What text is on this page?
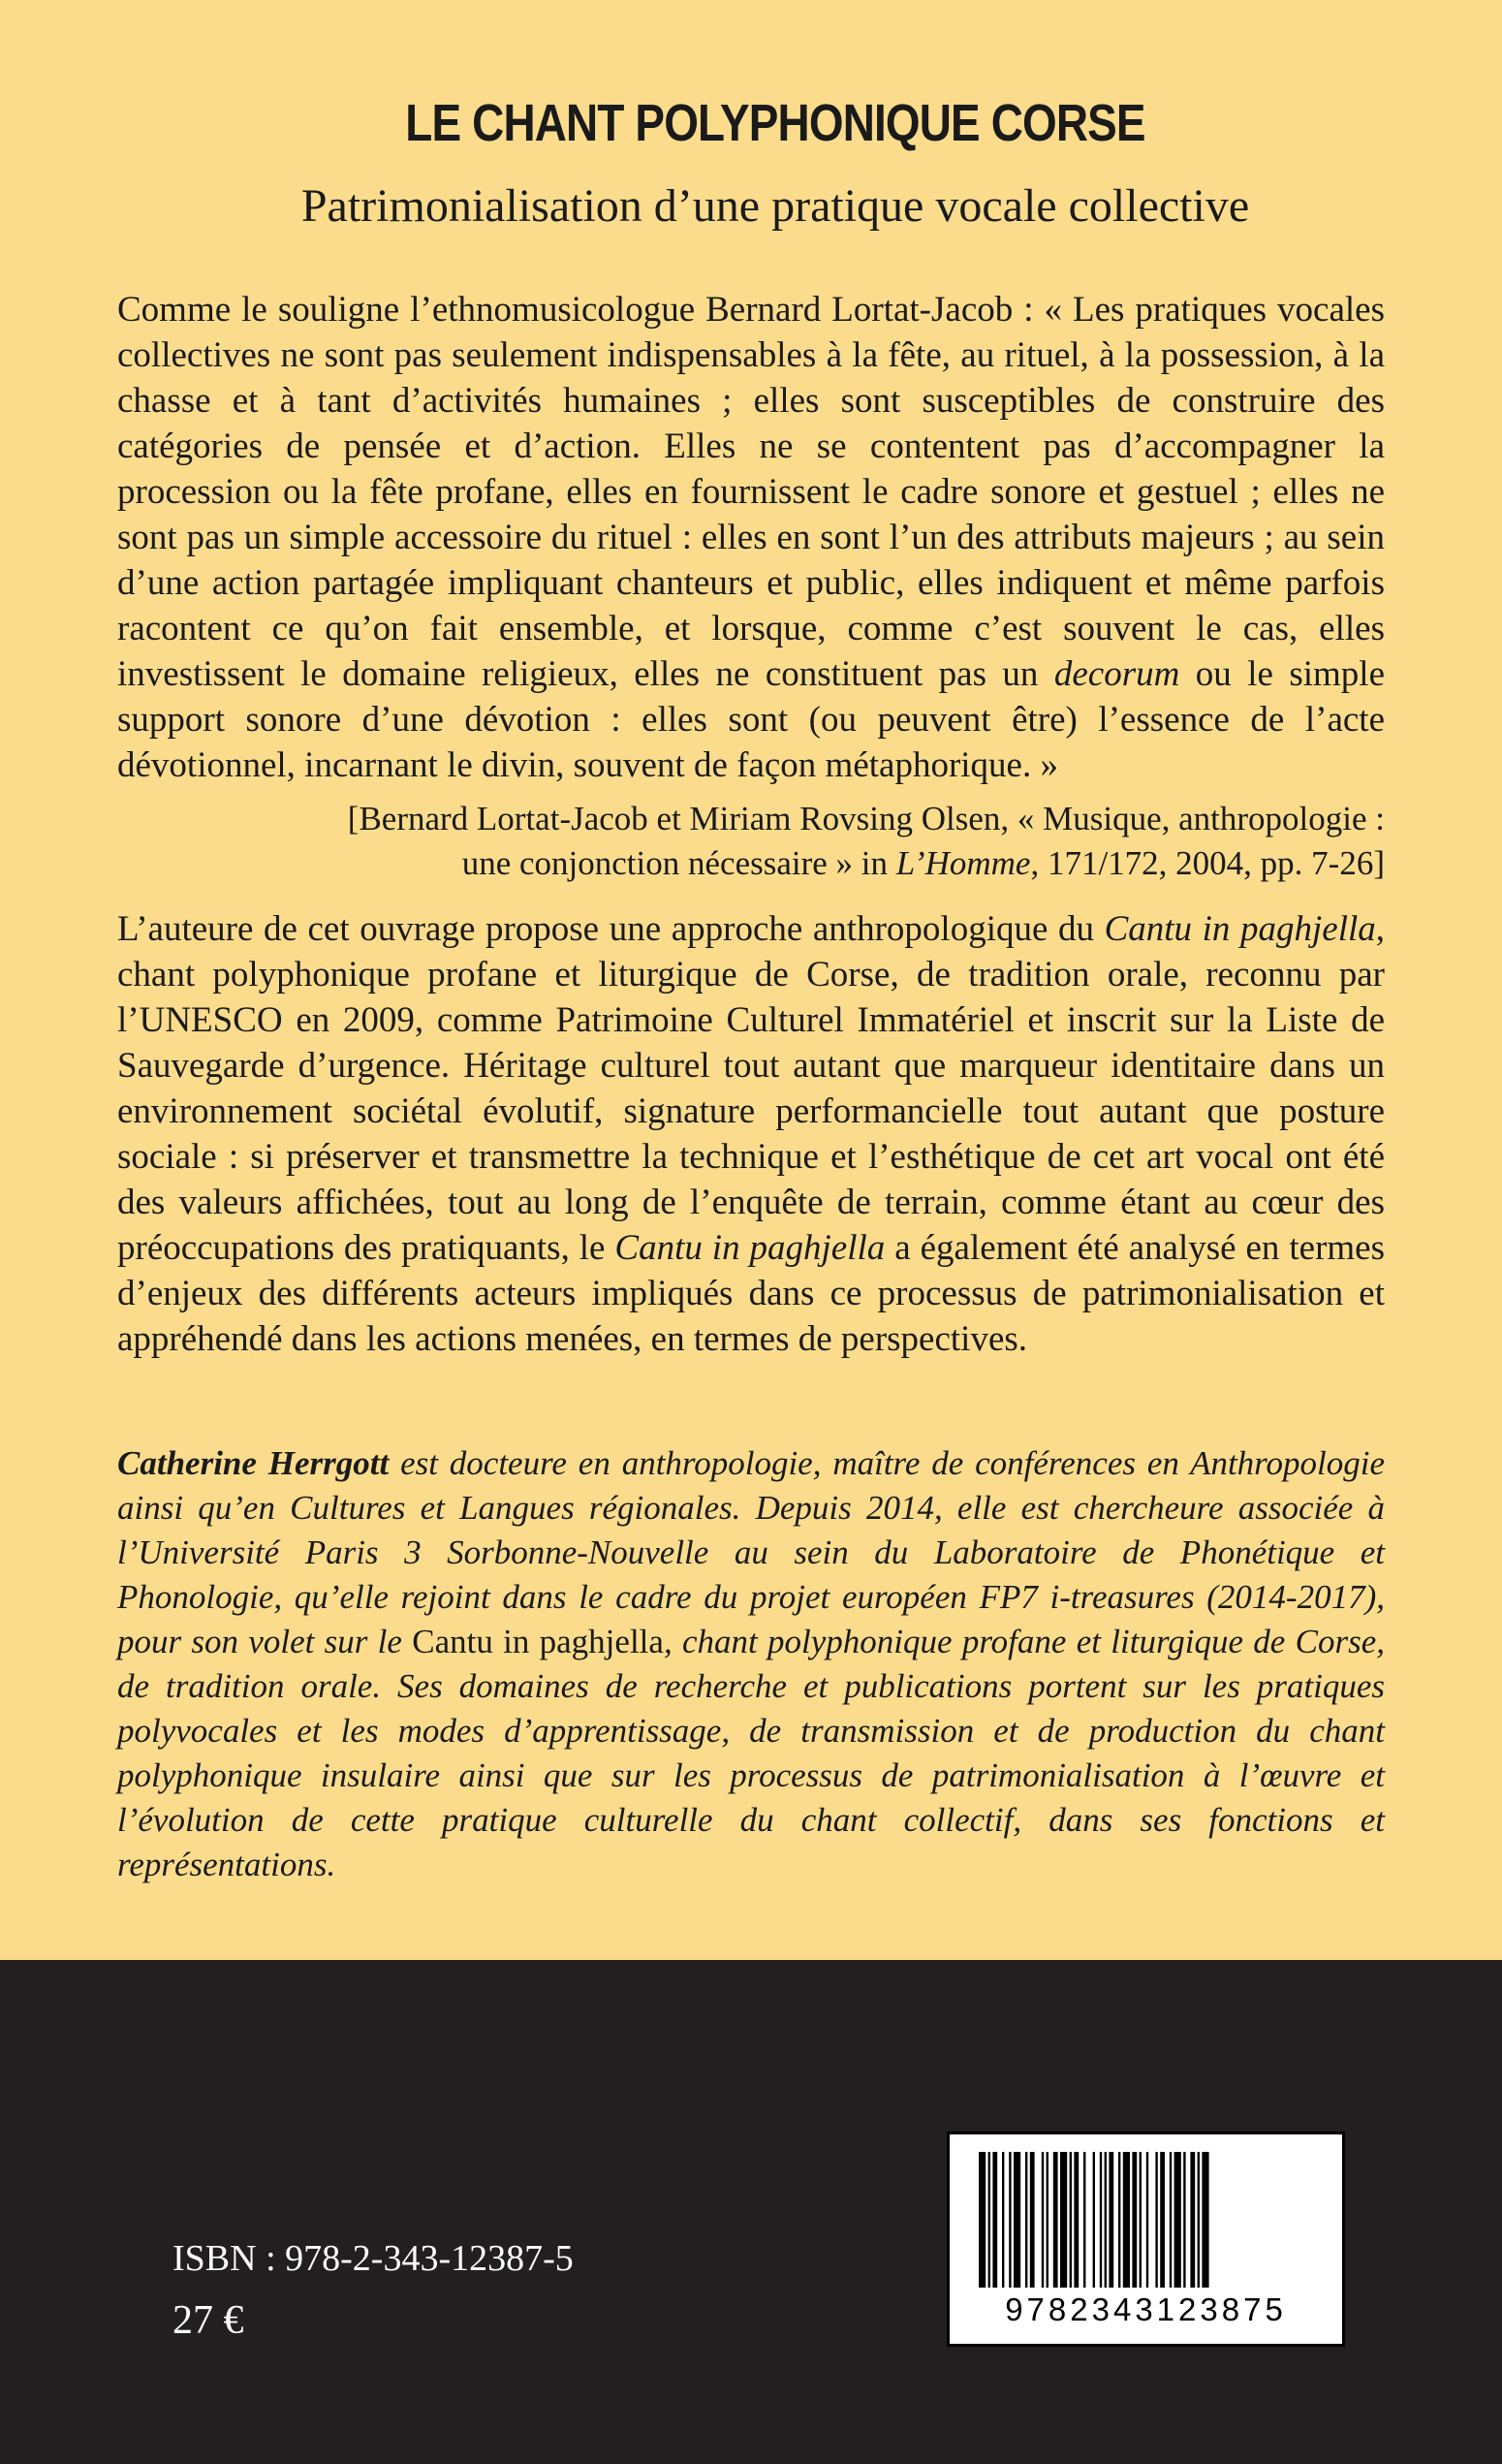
LE CHANT POLYPHONIQUE CORSE
Patrimonialisation d’une pratique vocale collective
Comme le souligne l’ethnomusicologue Bernard Lortat-Jacob : « Les pratiques vocales collectives ne sont pas seulement indispensables à la fête, au rituel, à la possession, à la chasse et à tant d’activités humaines ; elles sont susceptibles de construire des catégories de pensée et d’action. Elles ne se contentent pas d’accompagner la procession ou la fête profane, elles en fournissent le cadre sonore et gestuel ; elles ne sont pas un simple accessoire du rituel : elles en sont l’un des attributs majeurs ; au sein d’une action partagée impliquant chanteurs et public, elles indiquent et même parfois racontent ce qu’on fait ensemble, et lorsque, comme c’est souvent le cas, elles investissent le domaine religieux, elles ne constituent pas un decorum ou le simple support sonore d’une dévotion : elles sont (ou peuvent être) l’essence de l’acte dévotionnel, incarnant le divin, souvent de façon métaphorique. »
[Bernard Lortat-Jacob et Miriam Rovsing Olsen, « Musique, anthropologie :
une conjonction nécessaire » in L’Homme, 171/172, 2004, pp. 7-26]
L’auteure de cet ouvrage propose une approche anthropologique du Cantu in paghjella, chant polyphonique profane et liturgique de Corse, de tradition orale, reconnu par l’UNESCO en 2009, comme Patrimoine Culturel Immatériel et inscrit sur la Liste de Sauvegarde d’urgence. Héritage culturel tout autant que marqueur identitaire dans un environnement sociétal évolutif, signature performancielle tout autant que posture sociale : si préserver et transmettre la technique et l’esthétique de cet art vocal ont été des valeurs affichées, tout au long de l’enquête de terrain, comme étant au cœur des préoccupations des pratiquants, le Cantu in paghjella a également été analysé en termes d’enjeux des différents acteurs impliqués dans ce processus de patrimonialisation et appréhendé dans les actions menées, en termes de perspectives.
Catherine Herrgott est docteure en anthropologie, maître de conférences en Anthropologie ainsi qu’en Cultures et Langues régionales. Depuis 2014, elle est chercheure associée à l’Université Paris 3 Sorbonne-Nouvelle au sein du Laboratoire de Phonétique et Phonologie, qu’elle rejoint dans le cadre du projet européen FP7 i-treasures (2014-2017), pour son volet sur le Cantu in paghjella, chant polyphonique profane et liturgique de Corse, de tradition orale. Ses domaines de recherche et publications portent sur les pratiques polyvocales et les modes d’apprentissage, de transmission et de production du chant polyphonique insulaire ainsi que sur les processus de patrimonialisation à l’œuvre et l’évolution de cette pratique culturelle du chant collectif, dans ses fonctions et représentations.
9782343123875
ISBN : 978-2-343-12387-5
27 €
